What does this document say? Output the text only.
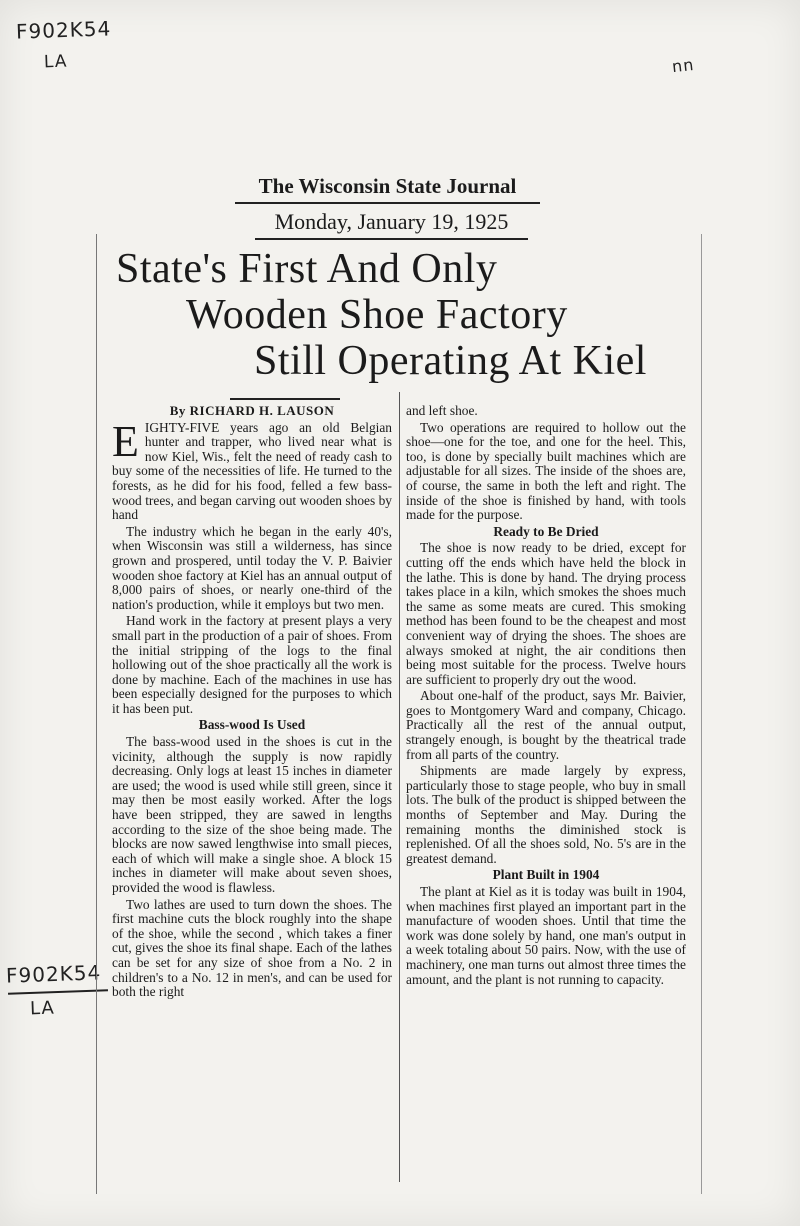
F902K54
LA	nn
F902K54
LA
The Wisconsin State Journal
Monday, January 19, 1925
State's First And Only
Wooden Shoe Factory
Still Operating At Kiel
By RICHARD H. LAUSON

EIGHTY-FIVE years ago an old Belgian hunter and trapper, who lived near what is now Kiel, Wis., felt the need of ready cash to buy some of the necessities of life. He turned to the forests, as he did for his food, felled a few bass-wood trees, and began carving out wooden shoes by hand

The industry which he began in the early 40's, when Wisconsin was still a wilderness, has since grown and prospered, until today the V. P. Baivier wooden shoe factory at Kiel has an annual output of 8,000 pairs of shoes, or nearly one-third of the nation's production, while it employs but two men.

Hand work in the factory at present plays a very small part in the production of a pair of shoes. From the initial stripping of the logs to the final hollowing out of the shoe practically all the work is done by machine. Each of the machines in use has been especially designed for the purposes to which it has been put.

Bass-wood Is Used

The bass-wood used in the shoes is cut in the vicinity, although the supply is now rapidly decreasing. Only logs at least 15 inches in diameter are used; the wood is used while still green, since it may then be most easily worked. After the logs have been stripped, they are sawed in lengths according to the size of the shoe being made. The blocks are now sawed lengthwise into small pieces, each of which will make a single shoe. A block 15 inches in diameter will make about seven shoes, provided the wood is flawless.

Two lathes are used to turn down the shoes. The first machine cuts the block roughly into the shape of the shoe, while the second , which takes a finer cut, gives the shoe its final shape. Each of the lathes can be set for any size of shoe from a No. 2 in children's to a No. 12 in men's, and can be used for both the right

and left shoe.

Two operations are required to hollow out the shoe—one for the toe, and one for the heel. This, too, is done by specially built machines which are adjustable for all sizes. The inside of the shoes are, of course, the same in both the left and right. The inside of the shoe is finished by hand, with tools made for the purpose.

Ready to Be Dried

The shoe is now ready to be dried, except for cutting off the ends which have held the block in the lathe. This is done by hand. The drying process takes place in a kiln, which smokes the shoes much the same as some meats are cured. This smoking method has been found to be the cheapest and most convenient way of drying the shoes. The shoes are always smoked at night, the air conditions then being most suitable for the process. Twelve hours are sufficient to properly dry out the wood.

About one-half of the product, says Mr. Baivier, goes to Montgomery Ward and company, Chicago. Practically all the rest of the annual output, strangely enough, is bought by the theatrical trade from all parts of the country.

Shipments are made largely by express, particularly those to stage people, who buy in small lots. The bulk of the product is shipped between the months of September and May. During the remaining months the diminished stock is replenished. Of all the shoes sold, No. 5's are in the greatest demand.

Plant Built in 1904

The plant at Kiel as it is today was built in 1904, when machines first played an important part in the manufacture of wooden shoes. Until that time the work was done solely by hand, one man's output in a week totaling about 50 pairs. Now, with the use of machinery, one man turns out almost three times the amount, and the plant is not running to capacity.
